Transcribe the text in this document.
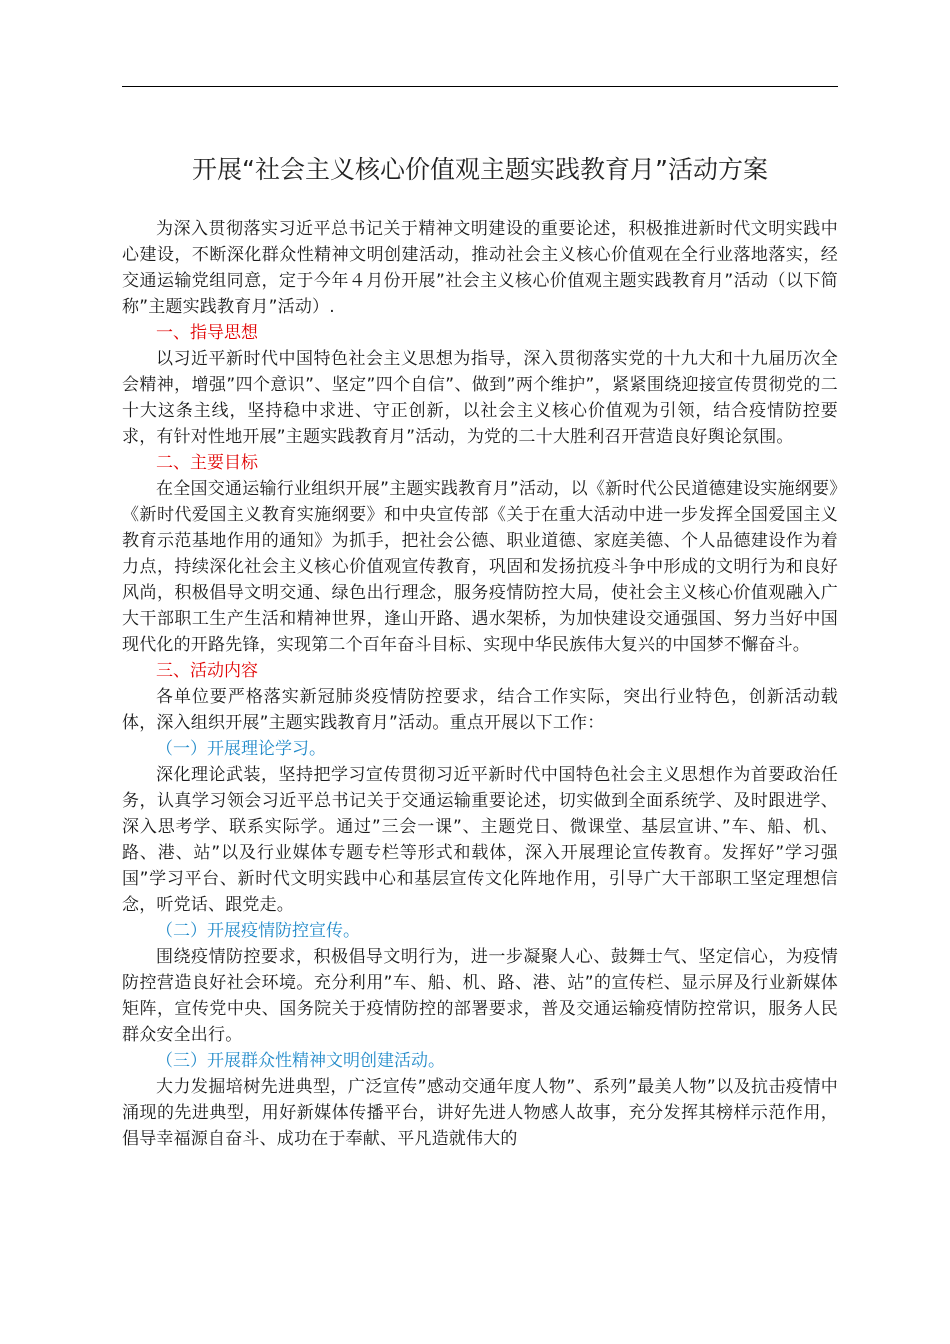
开展“社会主义核心价值观主题实践教育月”活动方案

为深入贯彻落实习近平总书记关于精神文明建设的重要论述，积极推进新时代文明实践中心建设，不断深化群众性精神文明创建活动，推动社会主义核心价值观在全行业落地落实，经交通运输党组同意，定于今年４月份开展”社会主义核心价值观主题实践教育月”活动（以下简称”主题实践教育月”活动）.

一、指导思想

以习近平新时代中国特色社会主义思想为指导，深入贯彻落实党的十九大和十九届历次全会精神，增强”四个意识”、坚定”四个自信”、做到”两个维护”，紧紧围绕迎接宣传贯彻党的二十大这条主线，坚持稳中求进、守正创新，以社会主义核心价值观为引领，结合疫情防控要求，有针对性地开展”主题实践教育月”活动，为党的二十大胜利召开营造良好舆论氛围。

二、主要目标

在全国交通运输行业组织开展”主题实践教育月”活动，以《新时代公民道德建设实施纲要》《新时代爱国主义教育实施纲要》和中央宣传部《关于在重大活动中进一步发挥全国爱国主义教育示范基地作用的通知》为抓手，把社会公德、职业道德、家庭美德、个人品德建设作为着力点，持续深化社会主义核心价值观宣传教育，巩固和发扬抗疫斗争中形成的文明行为和良好风尚，积极倡导文明交通、绿色出行理念，服务疫情防控大局，使社会主义核心价值观融入广大干部职工生产生活和精神世界，逢山开路、遇水架桥，为加快建设交通强国、努力当好中国现代化的开路先锋，实现第二个百年奋斗目标、实现中华民族伟大复兴的中国梦不懈奋斗。

三、活动内容

各单位要严格落实新冠肺炎疫情防控要求，结合工作实际，突出行业特色，创新活动载体，深入组织开展”主题实践教育月”活动。重点开展以下工作：

（一）开展理论学习。

深化理论武装，坚持把学习宣传贯彻习近平新时代中国特色社会主义思想作为首要政治任务，认真学习领会习近平总书记关于交通运输重要论述，切实做到全面系统学、及时跟进学、深入思考学、联系实际学。通过”三会一课”、主题党日、微课堂、基层宣讲、”车、船、机、路、港、站”以及行业媒体专题专栏等形式和载体，深入开展理论宣传教育。发挥好”学习强国”学习平台、新时代文明实践中心和基层宣传文化阵地作用，引导广大干部职工坚定理想信念，听党话、跟党走。

（二）开展疫情防控宣传。

围绕疫情防控要求，积极倡导文明行为，进一步凝聚人心、鼓舞士气、坚定信心，为疫情防控营造良好社会环境。充分利用”车、船、机、路、港、站”的宣传栏、显示屏及行业新媒体矩阵，宣传党中央、国务院关于疫情防控的部署要求，普及交通运输疫情防控常识，服务人民群众安全出行。

（三）开展群众性精神文明创建活动。

大力发掘培树先进典型，广泛宣传”感动交通年度人物”、系列”最美人物”以及抗击疫情中涌现的先进典型，用好新媒体传播平台，讲好先进人物感人故事，充分发挥其榜样示范作用，倡导幸福源自奋斗、成功在于奉献、平凡造就伟大的
